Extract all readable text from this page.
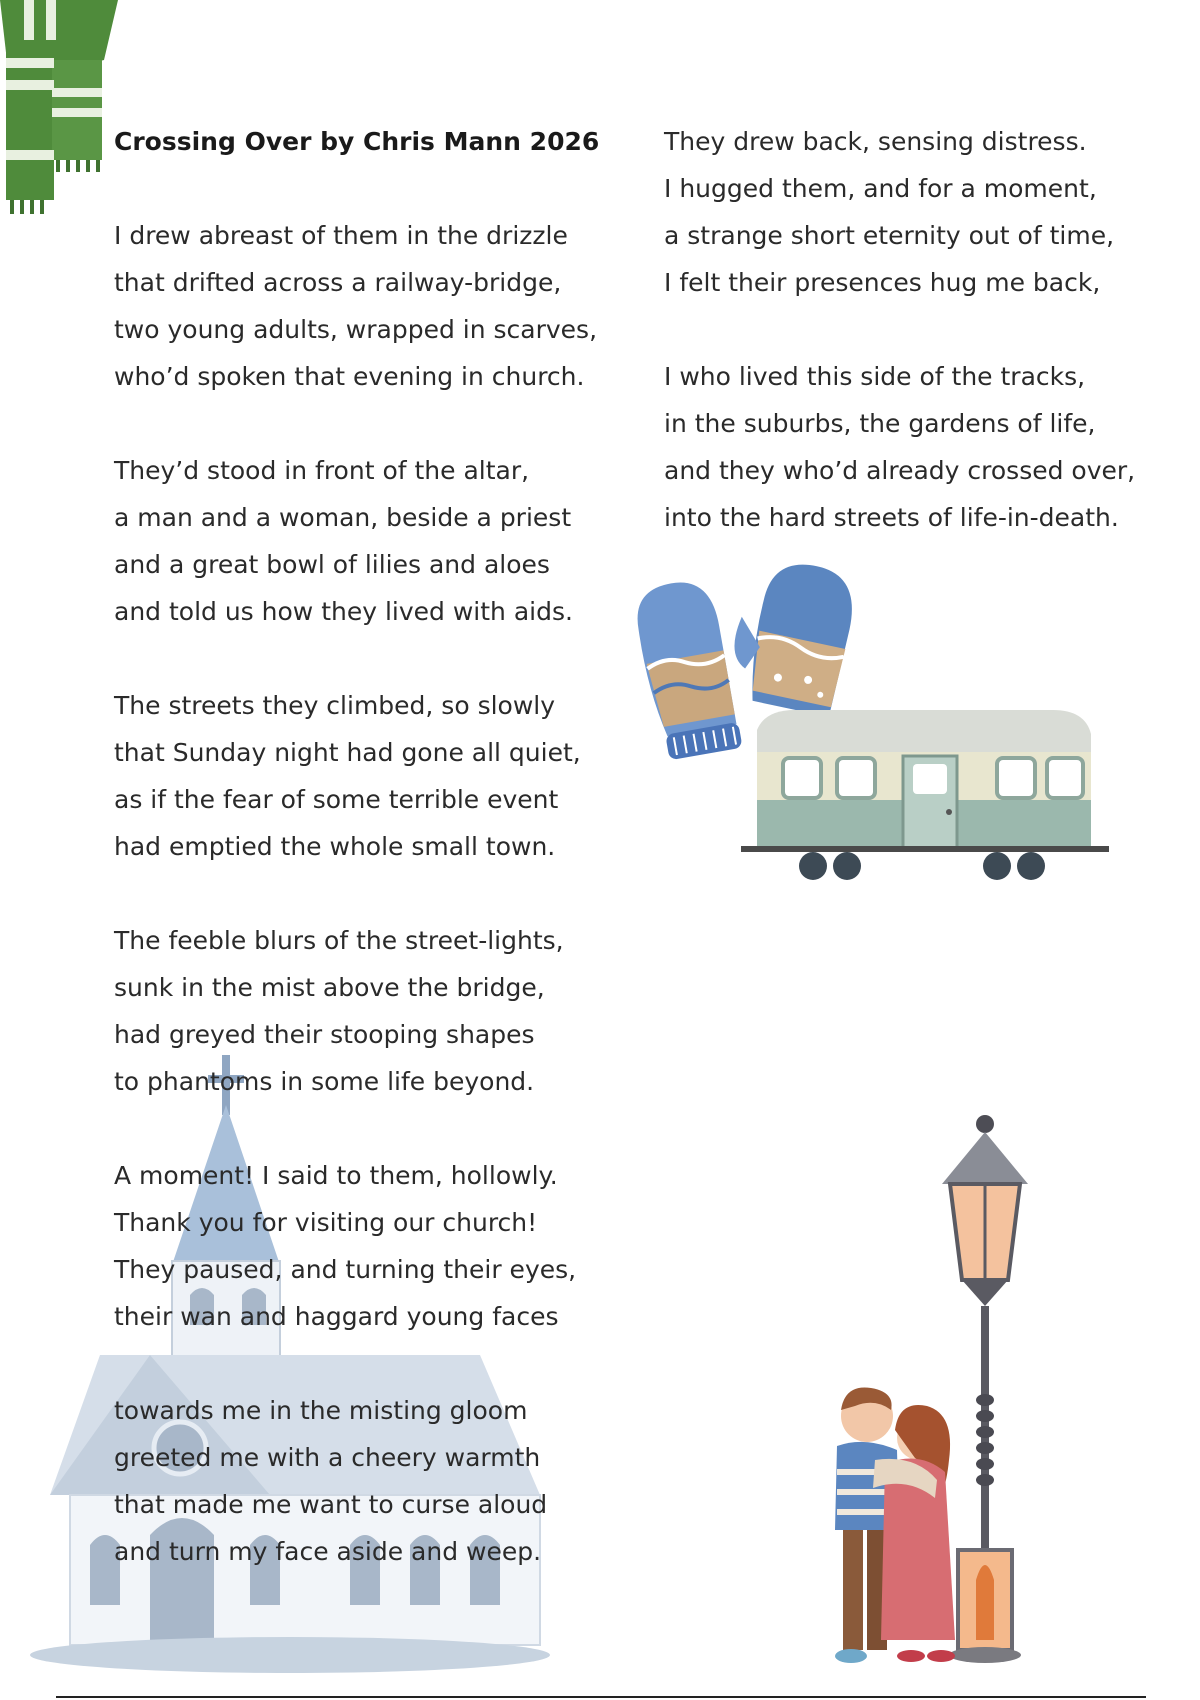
Crossing Over by Chris Mann 2026
I drew abreast of them in the drizzle
that drifted across a railway-bridge,
two young adults, wrapped in scarves,
who’d spoken that evening in church.
They’d stood in front of the altar,
a man and a woman, beside a priest
and a great bowl of lilies and aloes
and told us how they lived with aids.
The streets they climbed, so slowly
that Sunday night had gone all quiet,
as if the fear of some terrible event
had emptied the whole small town.
The feeble blurs of the street-lights,
sunk in the mist above the bridge,
had greyed their stooping shapes
to phantoms in some life beyond.
A moment! I said to them, hollowly.
Thank you for visiting our church!
They paused, and turning their eyes,
their wan and haggard young faces
towards me in the misting gloom
greeted me with a cheery warmth
that made me want to curse aloud
and turn my face aside and weep.
They drew back, sensing distress.
I hugged them, and for a moment,
a strange short eternity out of time,
I felt their presences hug me back,
I who lived this side of the tracks,
in the suburbs, the gardens of life,
and they who’d already crossed over,
into the hard streets of life-in-death.
